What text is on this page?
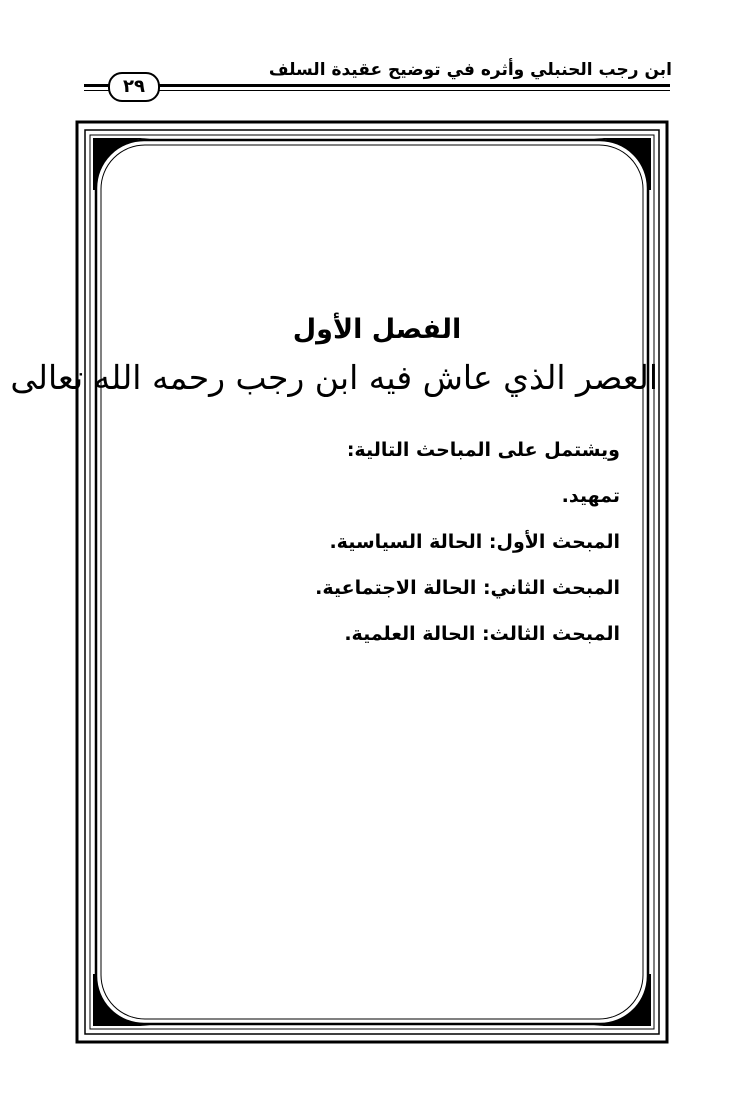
ابن رجب الحنبلي وأثره في توضيح عقيدة السلف
٢٩
الفصل الأول
العصر الذي عاش فيه ابن رجب رحمه الله تعالى
ويشتمل على المباحث التالية:
تمهيد.
المبحث الأول: الحالة السياسية.
المبحث الثاني: الحالة الاجتماعية.
المبحث الثالث: الحالة العلمية.
